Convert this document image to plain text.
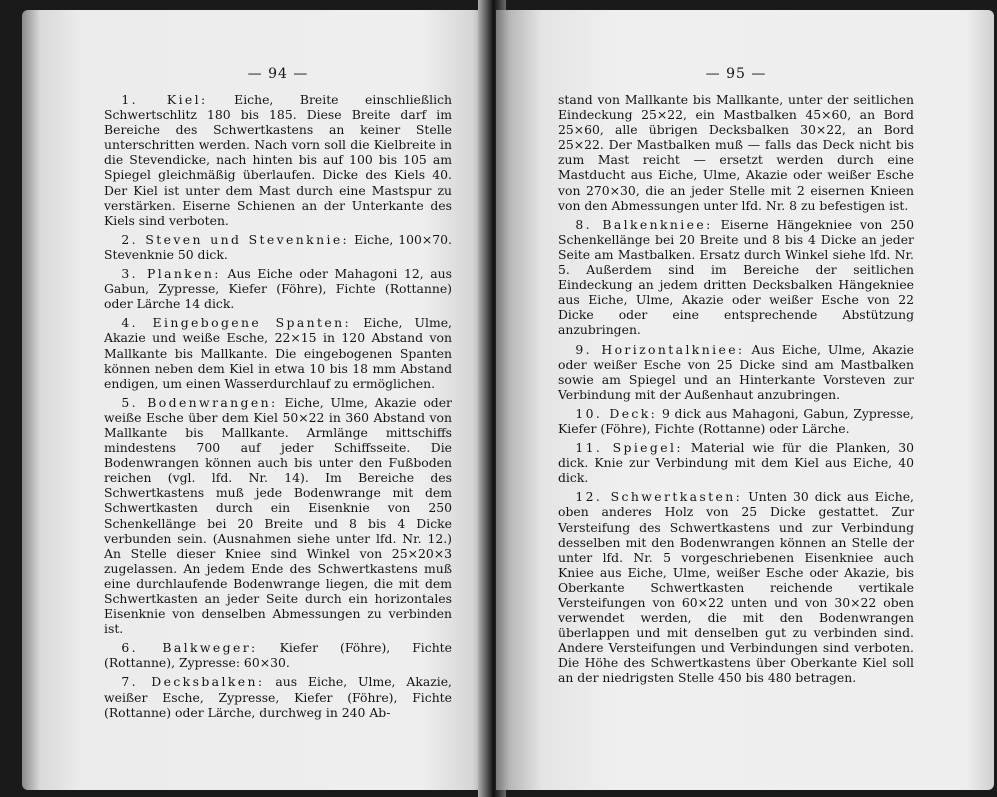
— 94 —

1. Kiel: Eiche, Breite einschließlich Schwertschlitz 180 bis 185. Diese Breite darf im Bereiche des Schwertkastens an keiner Stelle unterschritten werden. Nach vorn soll die Kielbreite in die Stevendicke, nach hinten bis auf 100 bis 105 am Spiegel gleichmäßig überlaufen. Dicke des Kiels 40. Der Kiel ist unter dem Mast durch eine Mastspur zu verstärken. Eiserne Schienen an der Unterkante des Kiels sind verboten.

2. Steven und Stevenknie: Eiche, 100×70. Stevenknie 50 dick.

3. Planken: Aus Eiche oder Mahagoni 12, aus Gabun, Zypresse, Kiefer (Föhre), Fichte (Rottanne) oder Lärche 14 dick.

4. Eingebogene Spanten: Eiche, Ulme, Akazie und weiße Esche, 22×15 in 120 Abstand von Mallkante bis Mallkante. Die eingebogenen Spanten können neben dem Kiel in etwa 10 bis 18 mm Abstand endigen, um einen Wasserdurchlauf zu ermöglichen.

5. Bodenwrangen: Eiche, Ulme, Akazie oder weiße Esche über dem Kiel 50×22 in 360 Abstand von Mallkante bis Mallkante. Armlänge mittschiffs mindestens 700 auf jeder Schiffsseite. Die Bodenwrangen können auch bis unter den Fußboden reichen (vgl. lfd. Nr. 14). Im Bereiche des Schwertkastens muß jede Bodenwrange mit dem Schwertkasten durch ein Eisenknie von 250 Schenkellänge bei 20 Breite und 8 bis 4 Dicke verbunden sein. (Ausnahmen siehe unter lfd. Nr. 12.) An Stelle dieser Kniee sind Winkel von 25×20×3 zugelassen. An jedem Ende des Schwertkastens muß eine durchlaufende Bodenwrange liegen, die mit dem Schwertkasten an jeder Seite durch ein horizontales Eisenknie von denselben Abmessungen zu verbinden ist.

6. Balkweger: Kiefer (Föhre), Fichte (Rottanne), Zypresse: 60×30.

7. Decksbalken: aus Eiche, Ulme, Akazie, weißer Esche, Zypresse, Kiefer (Föhre), Fichte (Rottanne) oder Lärche, durchweg in 240 Ab-

— 95 —

stand von Mallkante bis Mallkante, unter der seitlichen Eindeckung 25×22, ein Mastbalken 45×60, an Bord 25×60, alle übrigen Decksbalken 30×22, an Bord 25×22. Der Mastbalken muß — falls das Deck nicht bis zum Mast reicht — ersetzt werden durch eine Mastducht aus Eiche, Ulme, Akazie oder weißer Esche von 270×30, die an jeder Stelle mit 2 eisernen Knieen von den Abmessungen unter lfd. Nr. 8 zu befestigen ist.

8. Balkenkniee: Eiserne Hängekniee von 250 Schenkellänge bei 20 Breite und 8 bis 4 Dicke an jeder Seite am Mastbalken. Ersatz durch Winkel siehe lfd. Nr. 5. Außerdem sind im Bereiche der seitlichen Eindeckung an jedem dritten Decksbalken Hängekniee aus Eiche, Ulme, Akazie oder weißer Esche von 22 Dicke oder eine entsprechende Abstützung anzubringen.

9. Horizontalkniee: Aus Eiche, Ulme, Akazie oder weißer Esche von 25 Dicke sind am Mastbalken sowie am Spiegel und an Hinterkante Vorsteven zur Verbindung mit der Außenhaut anzubringen.

10. Deck: 9 dick aus Mahagoni, Gabun, Zypresse, Kiefer (Föhre), Fichte (Rottanne) oder Lärche.

11. Spiegel: Material wie für die Planken, 30 dick. Knie zur Verbindung mit dem Kiel aus Eiche, 40 dick.

12. Schwertkasten: Unten 30 dick aus Eiche, oben anderes Holz von 25 Dicke gestattet. Zur Versteifung des Schwertkastens und zur Verbindung desselben mit den Bodenwrangen können an Stelle der unter lfd. Nr. 5 vorgeschriebenen Eisenkniee auch Kniee aus Eiche, Ulme, weißer Esche oder Akazie, bis Oberkante Schwertkasten reichende vertikale Versteifungen von 60×22 unten und von 30×22 oben verwendet werden, die mit den Bodenwrangen überlappen und mit denselben gut zu verbinden sind. Andere Versteifungen und Verbindungen sind verboten. Die Höhe des Schwertkastens über Oberkante Kiel soll an der niedrigsten Stelle 450 bis 480 betragen.
